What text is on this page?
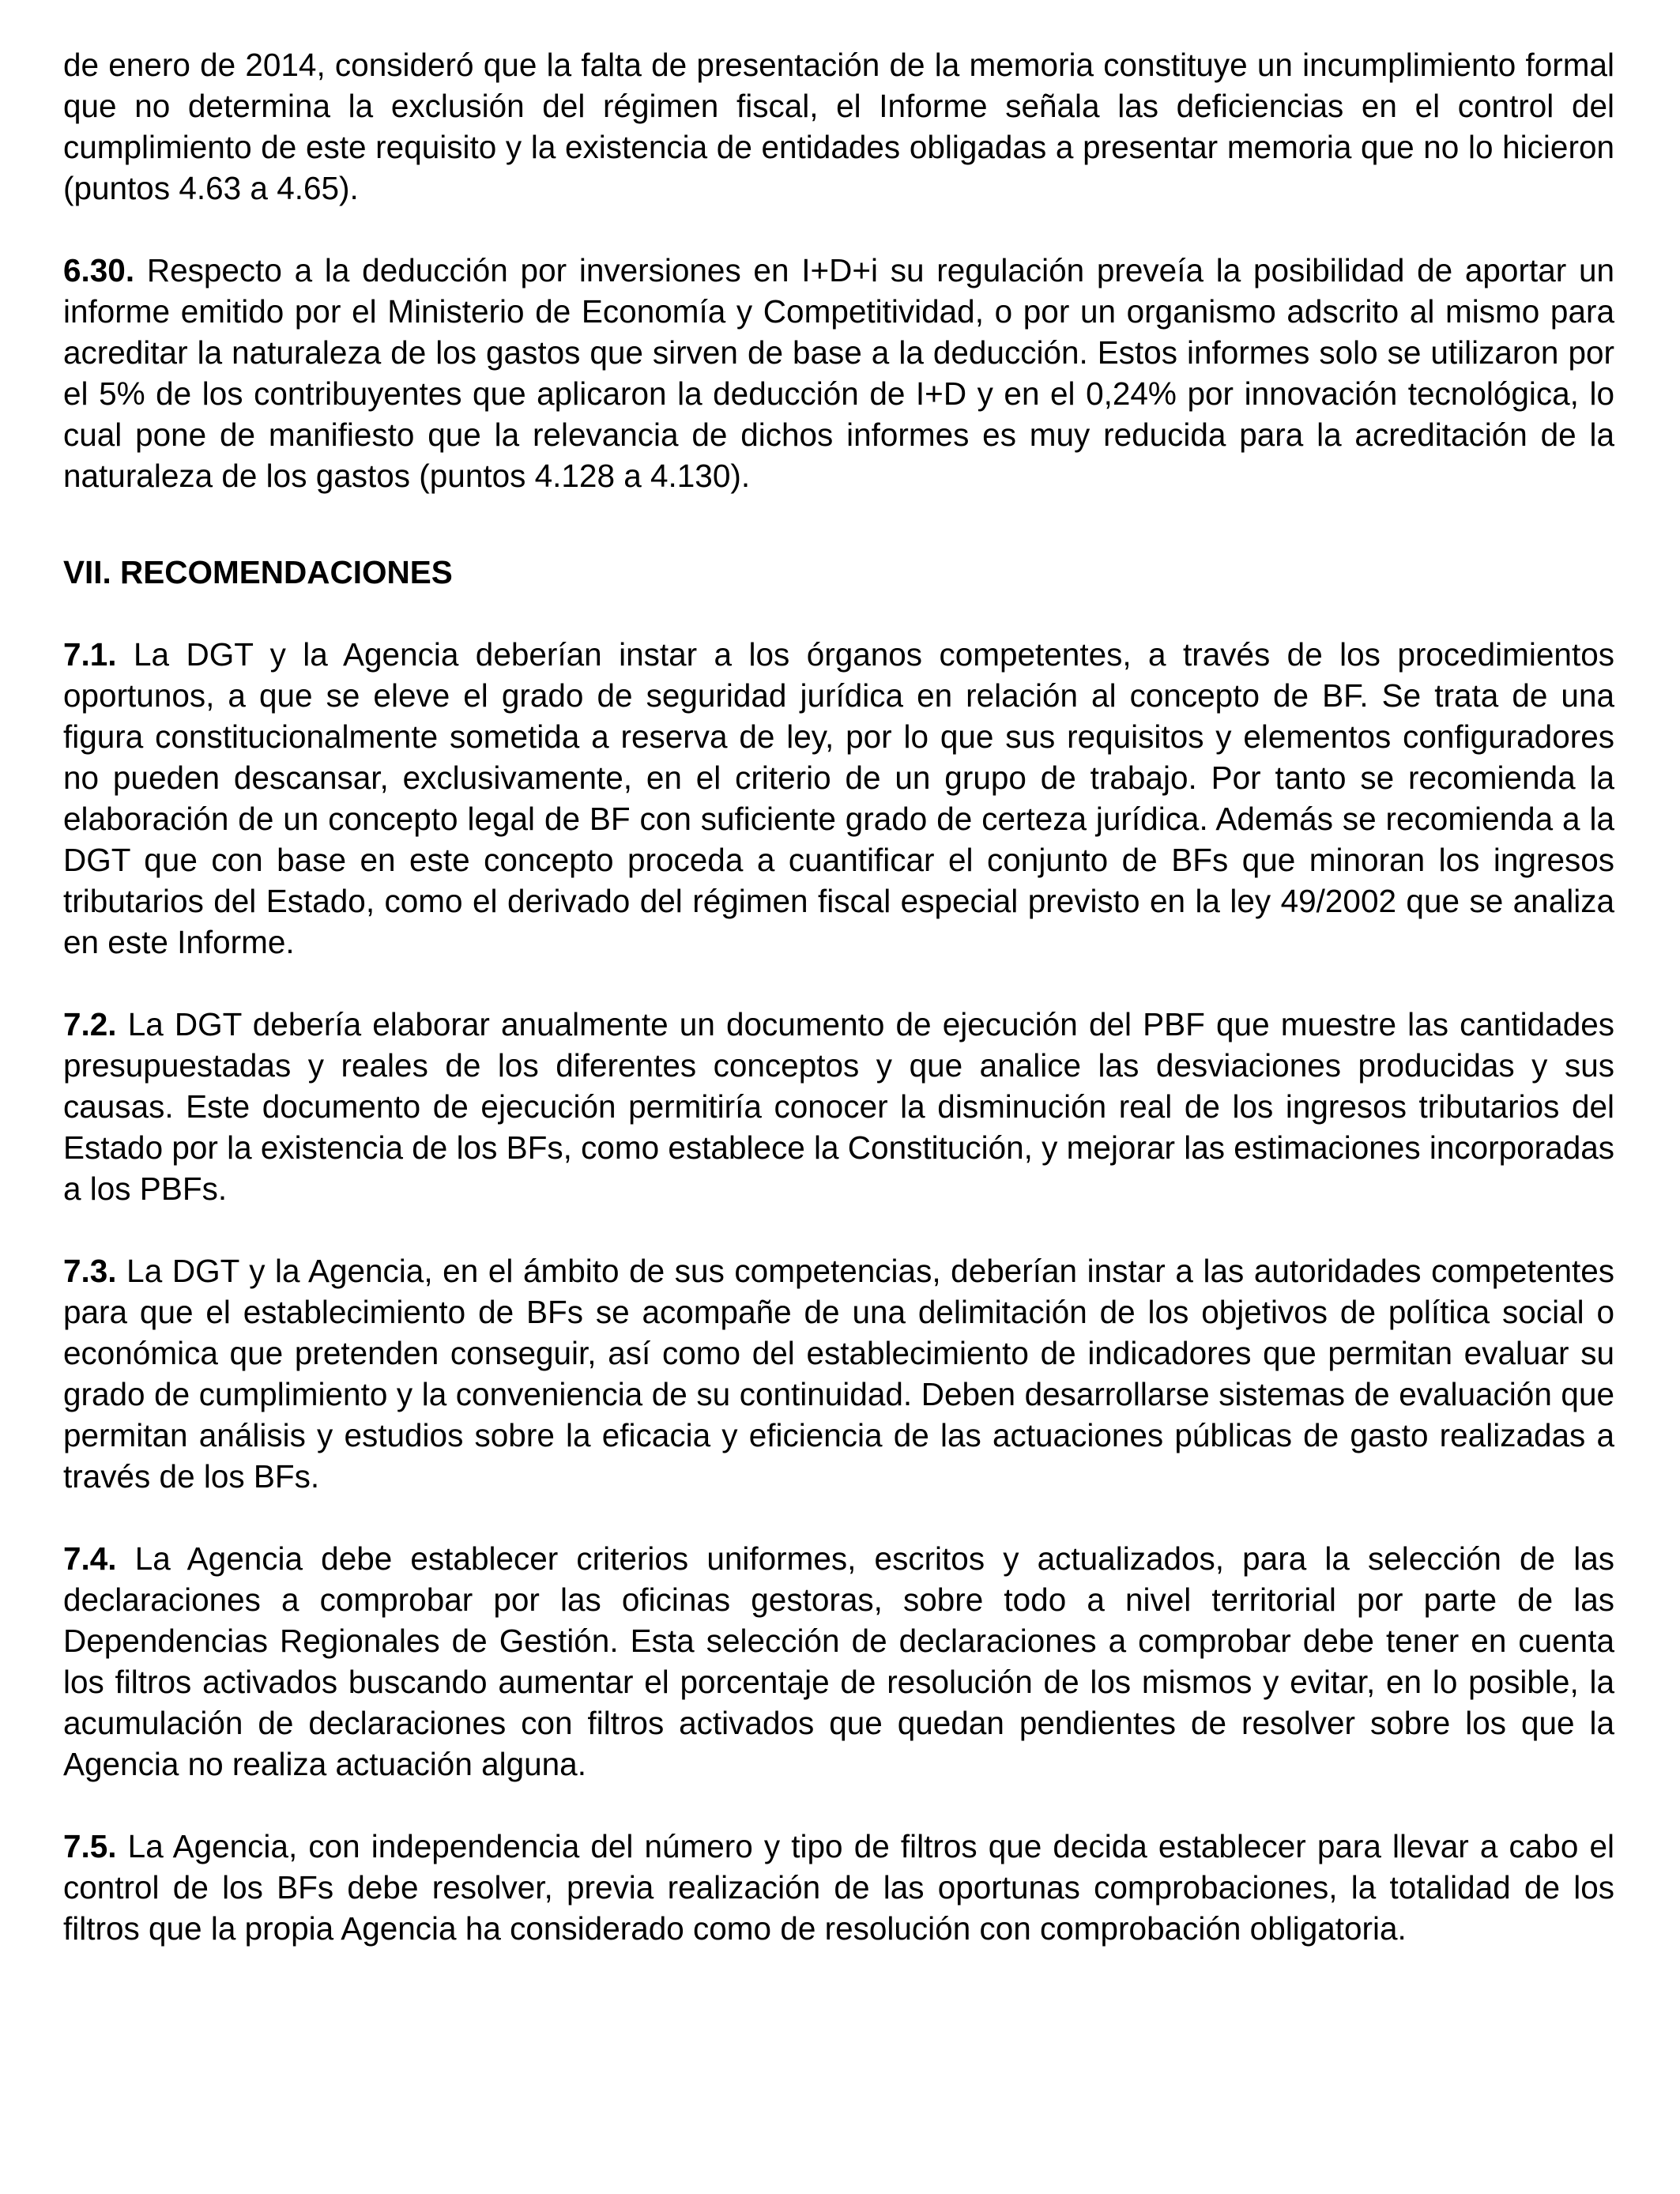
de enero de 2014, consideró que la falta de presentación de la memoria constituye un incumplimiento formal que no determina la exclusión del régimen fiscal, el Informe señala las deficiencias en el control del cumplimiento de este requisito y la existencia de entidades obligadas a presentar memoria que no lo hicieron (puntos 4.63 a 4.65).

6.30. Respecto a la deducción por inversiones en I+D+i su regulación preveía la posibilidad de aportar un informe emitido por el Ministerio de Economía y Competitividad, o por un organismo adscrito al mismo para acreditar la naturaleza de los gastos que sirven de base a la deducción. Estos informes solo se utilizaron por el 5% de los contribuyentes que aplicaron la deducción de I+D y en el 0,24% por innovación tecnológica, lo cual pone de manifiesto que la relevancia de dichos informes es muy reducida para la acreditación de la naturaleza de los gastos (puntos 4.128 a 4.130).

VII. RECOMENDACIONES

7.1. La DGT y la Agencia deberían instar a los órganos competentes, a través de los procedimientos oportunos, a que se eleve el grado de seguridad jurídica en relación al concepto de BF. Se trata de una figura constitucionalmente sometida a reserva de ley, por lo que sus requisitos y elementos configuradores no pueden descansar, exclusivamente, en el criterio de un grupo de trabajo. Por tanto se recomienda la elaboración de un concepto legal de BF con suficiente grado de certeza jurídica. Además se recomienda a la DGT que con base en este concepto proceda a cuantificar el conjunto de BFs que minoran los ingresos tributarios del Estado, como el derivado del régimen fiscal especial previsto en la ley 49/2002 que se analiza en este Informe.

7.2. La DGT debería elaborar anualmente un documento de ejecución del PBF que muestre las cantidades presupuestadas y reales de los diferentes conceptos y que analice las desviaciones producidas y sus causas. Este documento de ejecución permitiría conocer la disminución real de los ingresos tributarios del Estado por la existencia de los BFs, como establece la Constitución, y mejorar las estimaciones incorporadas a los PBFs.

7.3. La DGT y la Agencia, en el ámbito de sus competencias, deberían instar a las autoridades competentes para que el establecimiento de BFs se acompañe de una delimitación de los objetivos de política social o económica que pretenden conseguir, así como del establecimiento de indicadores que permitan evaluar su grado de cumplimiento y la conveniencia de su continuidad. Deben desarrollarse sistemas de evaluación que permitan análisis y estudios sobre la eficacia y eficiencia de las actuaciones públicas de gasto realizadas a través de los BFs.

7.4. La Agencia debe establecer criterios uniformes, escritos y actualizados, para la selección de las declaraciones a comprobar por las oficinas gestoras, sobre todo a nivel territorial por parte de las Dependencias Regionales de Gestión. Esta selección de declaraciones a comprobar debe tener en cuenta los filtros activados buscando aumentar el porcentaje de resolución de los mismos y evitar, en lo posible, la acumulación de declaraciones con filtros activados que quedan pendientes de resolver sobre los que la Agencia no realiza actuación alguna.

7.5. La Agencia, con independencia del número y tipo de filtros que decida establecer para llevar a cabo el control de los BFs debe resolver, previa realización de las oportunas comprobaciones, la totalidad de los filtros que la propia Agencia ha considerado como de resolución con comprobación obligatoria.
